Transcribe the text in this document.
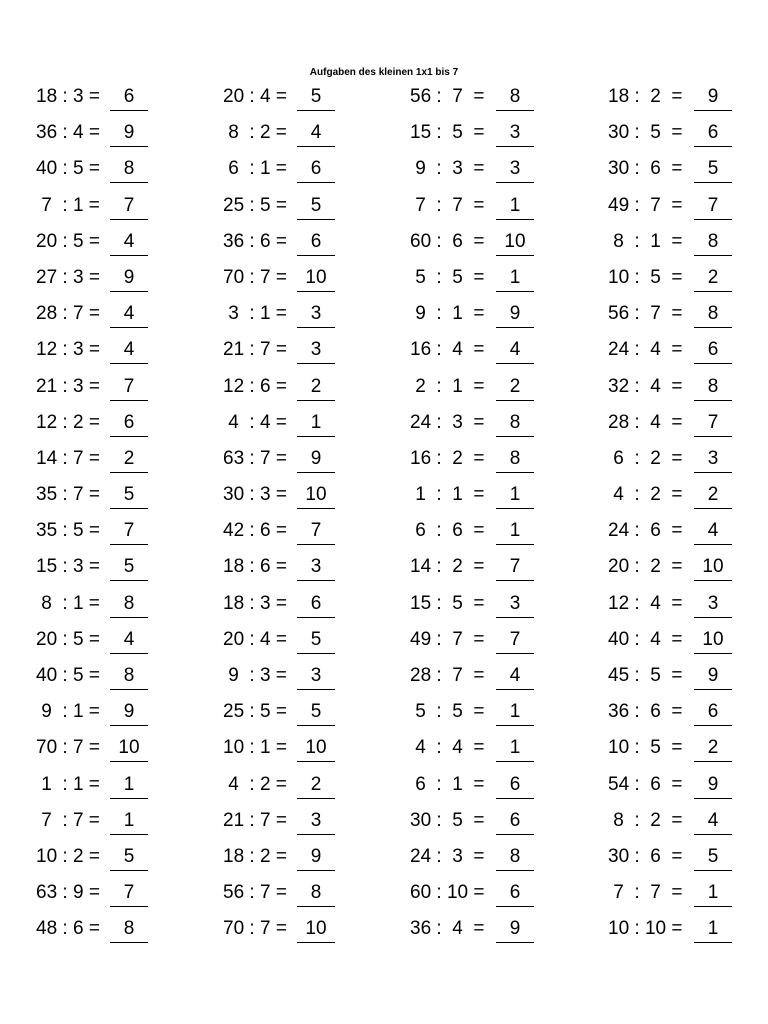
Aufgaben des kleinen 1x1 bis 7
18 : 3 =	6	20 : 4 =	5	56 :  7  =	8	18 :  2  =	9
36 : 4 =	9	8  : 2 =	4	15 :  5  =	3	30 :  5  =	6
40 : 5 =	8	6  : 1 =	6	9  :  3  =	3	30 :  6  =	5
7  : 1 =	7	25 : 5 =	5	7  :  7  =	1	49 :  7  =	7
20 : 5 =	4	36 : 6 =	6	60 :  6  =	10	8  :  1  =	8
27 : 3 =	9	70 : 7 = 10	5  :  5  =	1	10 :  5  =	2
28 : 7 =	4	3  : 1 =	3	9  :  1  =	9	56 :  7  =	8
12 : 3 =	4	21 : 7 =	3	16 :  4  =	4	24 :  4  =	6
21 : 3 =	7	12 : 6 =	2	2  :  1  =	2	32 :  4  =	8
12 : 2 =	6	4  : 4 =	1	24 :  3  =	8	28 :  4  =	7
14 : 7 =	2	63 : 7 =	9	16 :  2  =	8	6  :  2  =	3
35 : 7 =	5	30 : 3 = 10	1  :  1  =	1	4  :  2  =	2
35 : 5 =	7	42 : 6 =	7	6  :  6  =	1	24 :  6  =	4
15 : 3 =	5	18 : 6 =	3	14 :  2  =	7	20 :  2  =	10
8  : 1 =	8	18 : 3 =	6	15 :  5  =	3	12 :  4  =	3
20 : 5 =	4	20 : 4 =	5	49 :  7  =	7	40 :  4  =	10
40 : 5 =	8	9  : 3 =	3	28 :  7  =	4	45 :  5  =	9
9  : 1 =	9	25 : 5 =	5	5  :  5  =	1	36 :  6  =	6
70 : 7 = 10	10 : 1 = 10	4  :  4  =	1	10 :  5  =	2
1  : 1 =	1	4  : 2 =	2	6  :  1  =	6	54 :  6  =	9
7  : 7 =	1	21 : 7 =	3	30 :  5  =	6	8  :  2  =	4
10 : 2 =	5	18 : 2 =	9	24 :  3  =	8	30 :  6  =	5
63 : 9 =	7	56 : 7 =	8	60 : 10 =	6	7  :  7  =	1
48 : 6 =	8	70 : 7 = 10	36 :  4  =	9	10 : 10 =	1
